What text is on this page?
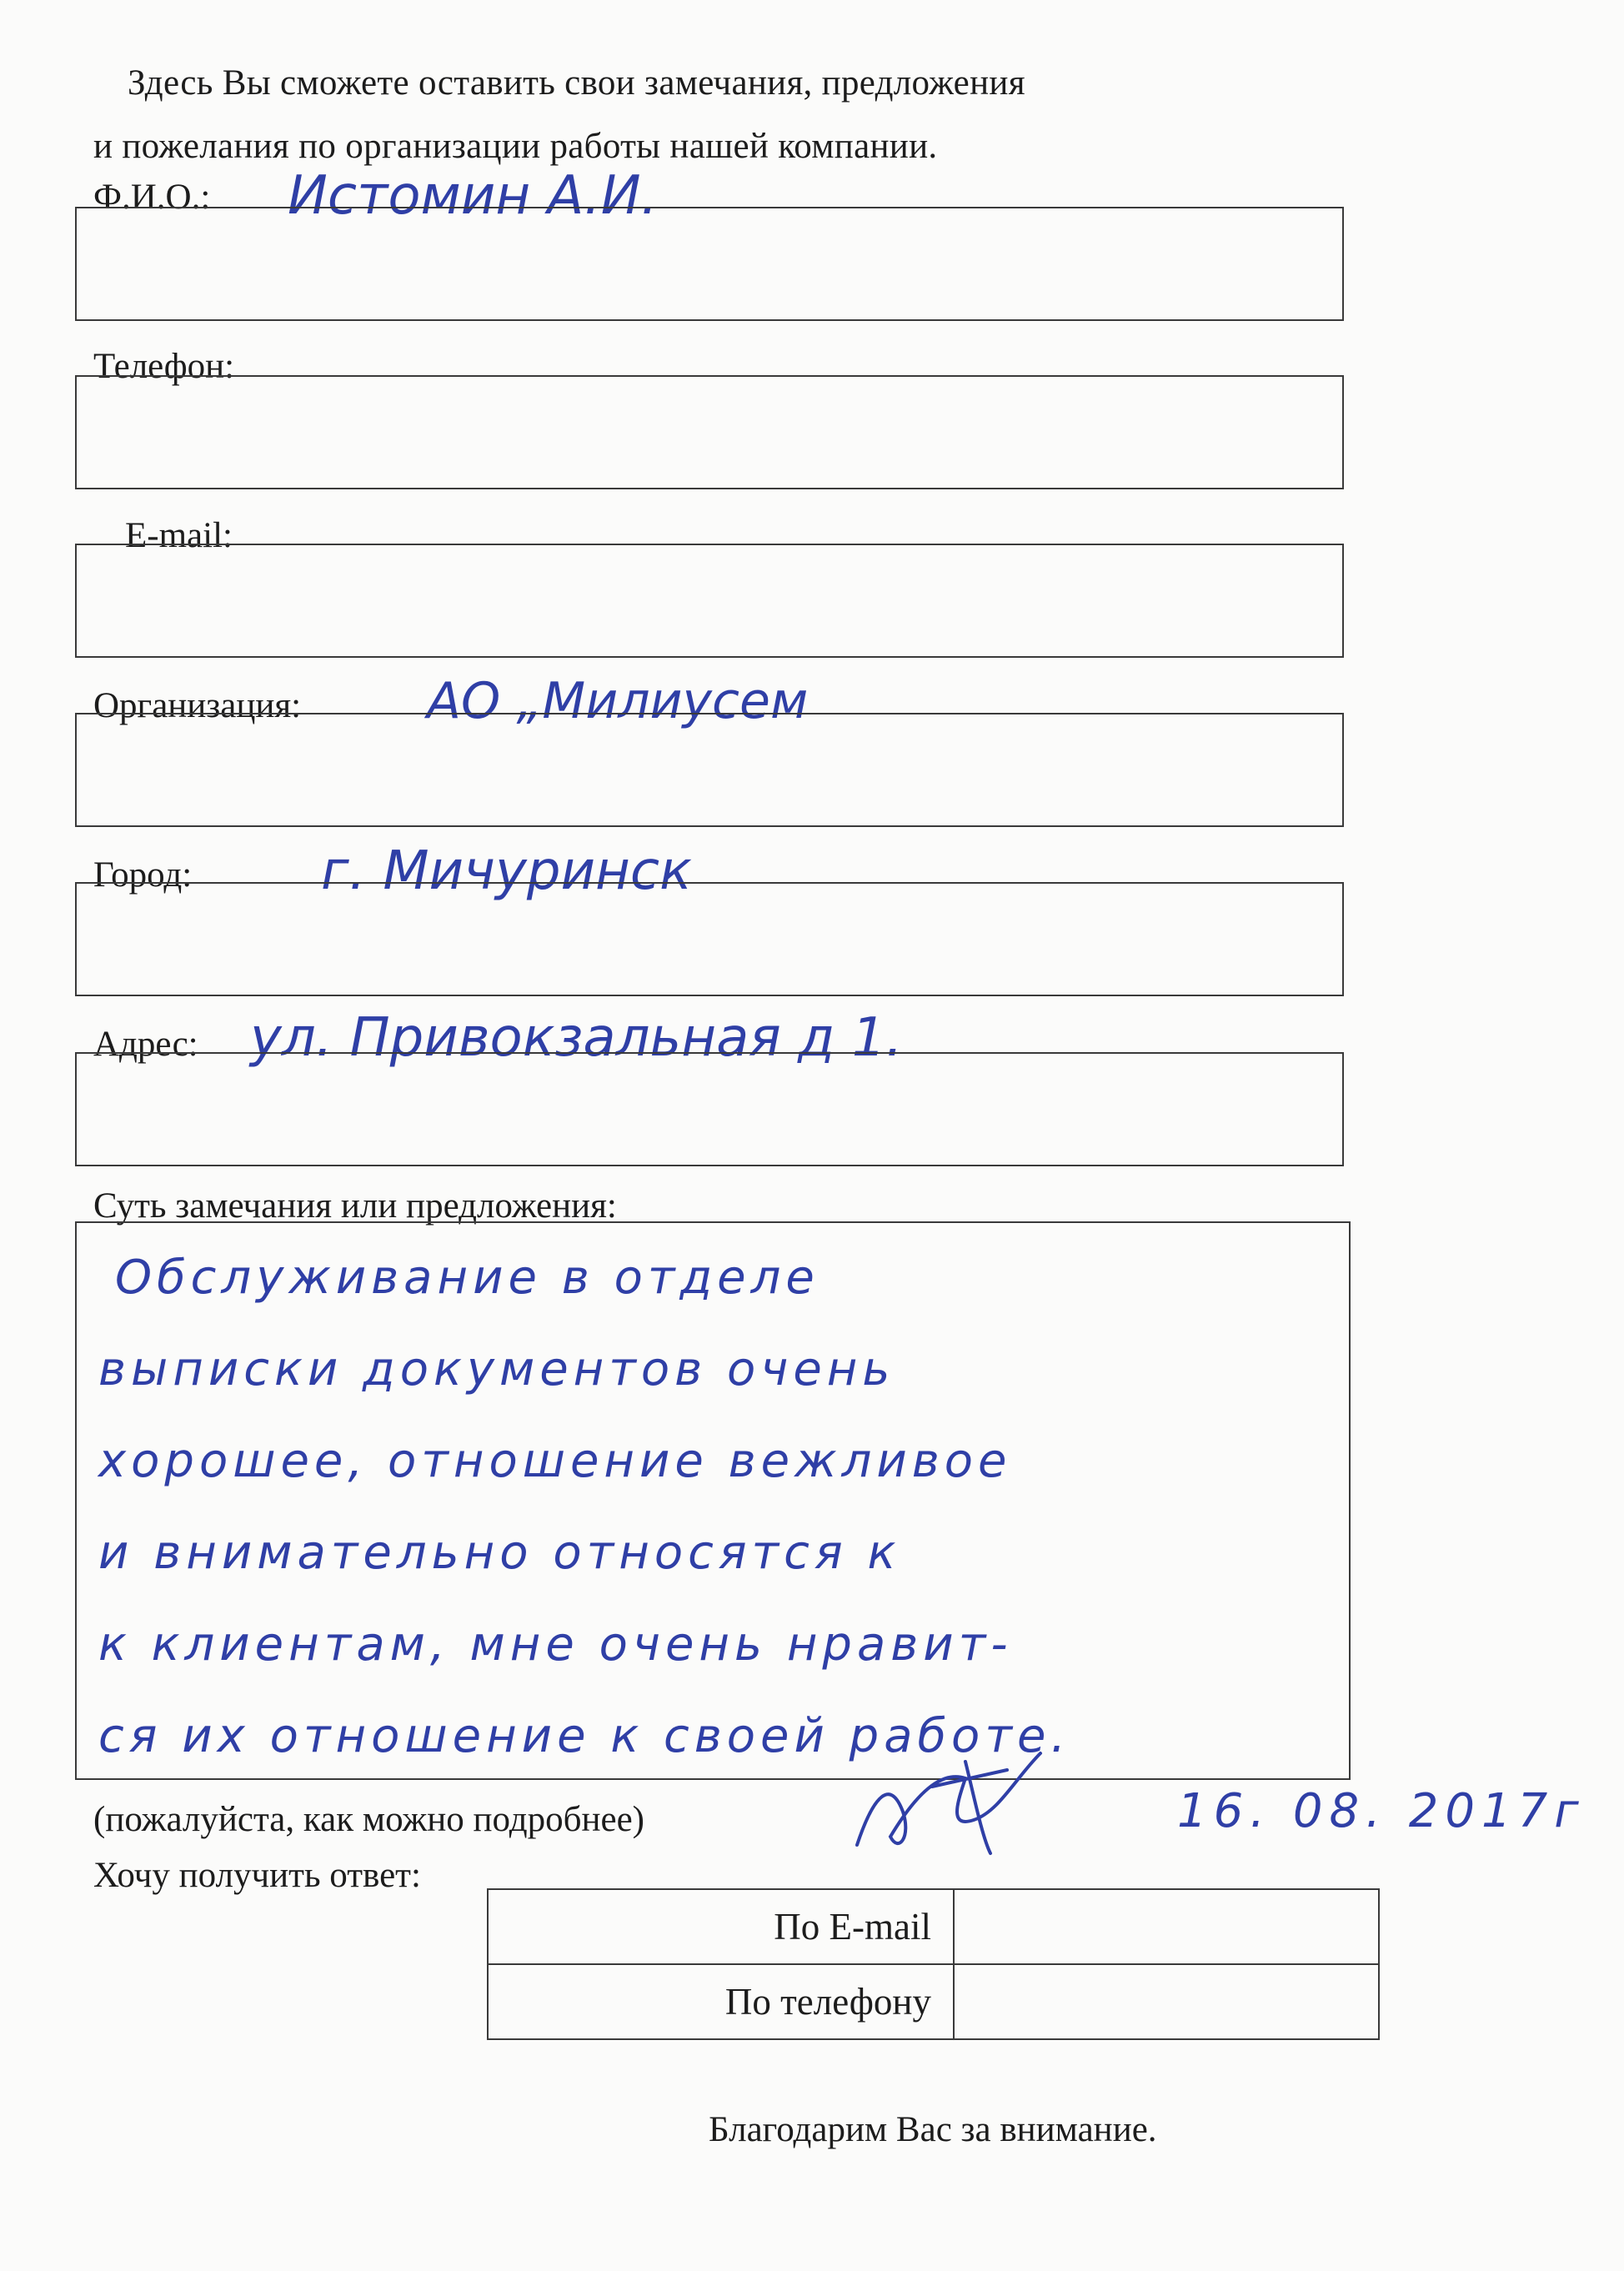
Здесь Вы сможете оставить свои замечания, предложения
и пожелания по организации работы нашей компании.
Ф.И.О.: Истомин А.И.
Телефон:
E-mail:
Организация:	АО „Милиусем
Город: г. Мичуринск
Адрес: ул. Привокзальная д 1.
Суть замечания или предложения:
Обслуживание в отделе
выписки документов очень
хорошее, отношение вежливое
и внимательно относятся к
к клиентам, мне очень нравит-
ся их отношение к своей работе.
(пожалуйста, как можно подробнее)	16. 08. 2017г
Хочу получить ответ:
По E-mail	
По телефону	
Благодарим Вас за внимание.
